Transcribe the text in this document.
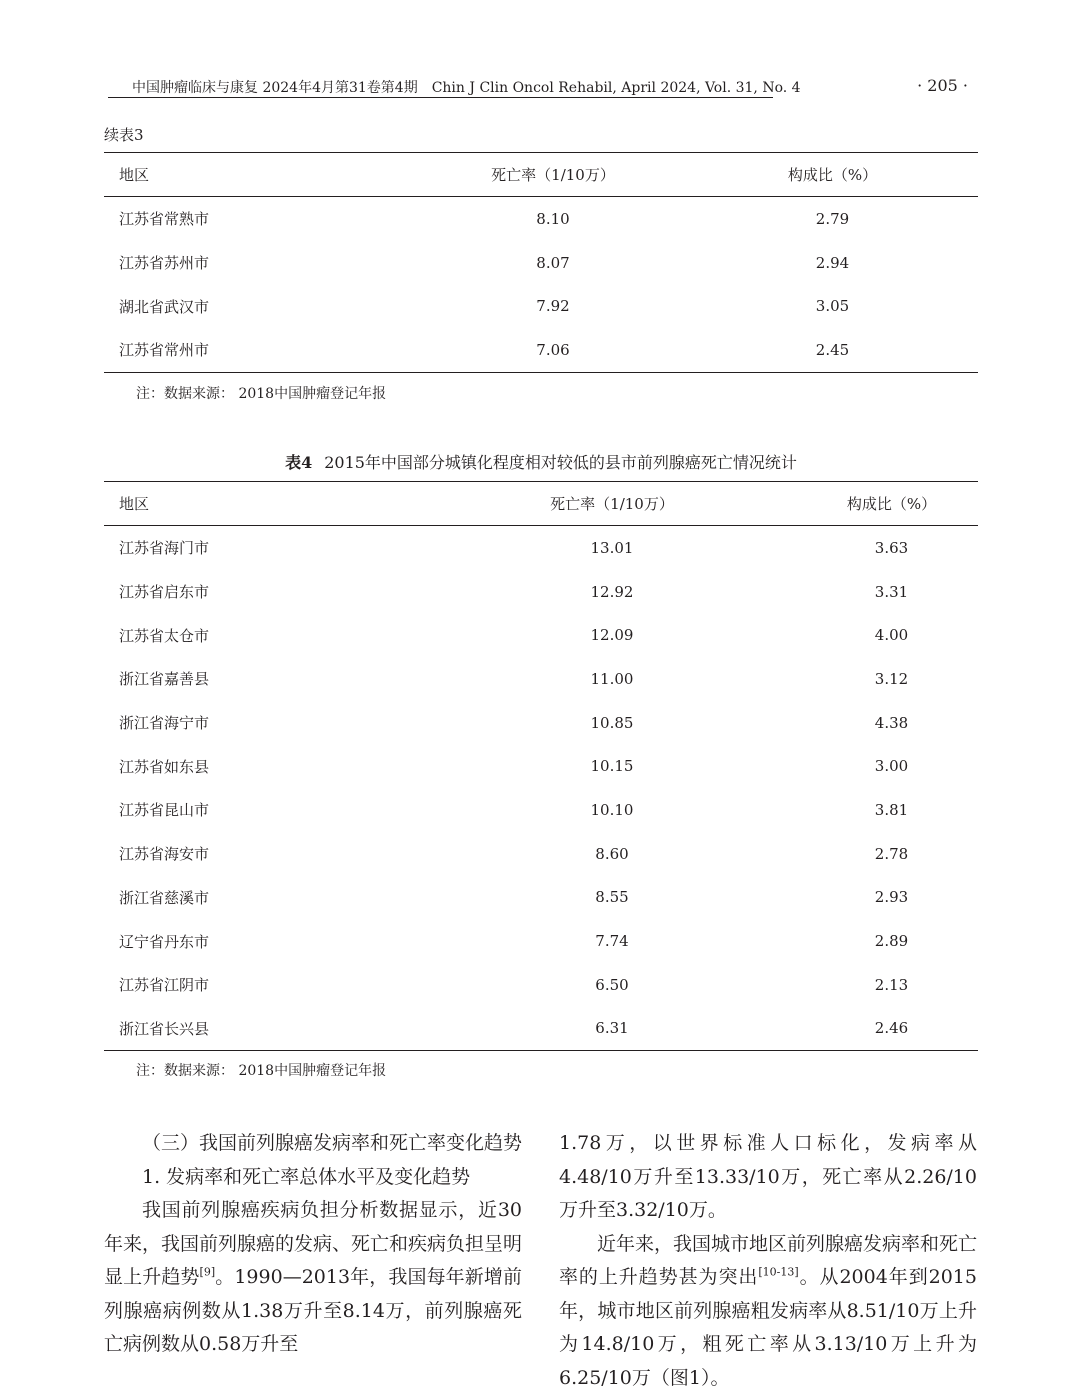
中国肿瘤临床与康复 2024年4月第31卷第4期　Chin J Clin Oncol Rehabil, April 2024, Vol. 31, No. 4	· 205 ·
续表3
地区	死亡率（1/10万）	构成比（%）
江苏省常熟市	8.10	2.79
江苏省苏州市	8.07	2.94
湖北省武汉市	7.92	3.05
江苏省常州市	7.06	2.45
注：数据来源： 2018中国肿瘤登记年报
表4 2015年中国部分城镇化程度相对较低的县市前列腺癌死亡情况统计
地区	死亡率（1/10万）	构成比（%）
江苏省海门市	13.01	3.63
江苏省启东市	12.92	3.31
江苏省太仓市	12.09	4.00
浙江省嘉善县	11.00	3.12
浙江省海宁市	10.85	4.38
江苏省如东县	10.15	3.00
江苏省昆山市	10.10	3.81
江苏省海安市	8.60	2.78
浙江省慈溪市	8.55	2.93
辽宁省丹东市	7.74	2.89
江苏省江阴市	6.50	2.13
浙江省长兴县	6.31	2.46
注：数据来源： 2018中国肿瘤登记年报

（三）我国前列腺癌发病率和死亡率变化趋势

1. 发病率和死亡率总体水平及变化趋势

我国前列腺癌疾病负担分析数据显示，近30年来，我国前列腺癌的发病、死亡和疾病负担呈明显上升趋势[9]。1990—2013年，我国每年新增前列腺癌病例数从1.38万升至8.14万，前列腺癌死亡病例数从0.58万升至

1.78万，以世界标准人口标化，发病率从4.48/10万升至13.33/10万，死亡率从2.26/10万升至3.32/10万。

近年来，我国城市地区前列腺癌发病率和死亡率的上升趋势甚为突出[10-13]。从2004年到2015年，城市地区前列腺癌粗发病率从8.51/10万上升为14.8/10万，粗死亡率从3.13/10万上升为6.25/10万（图1）。
